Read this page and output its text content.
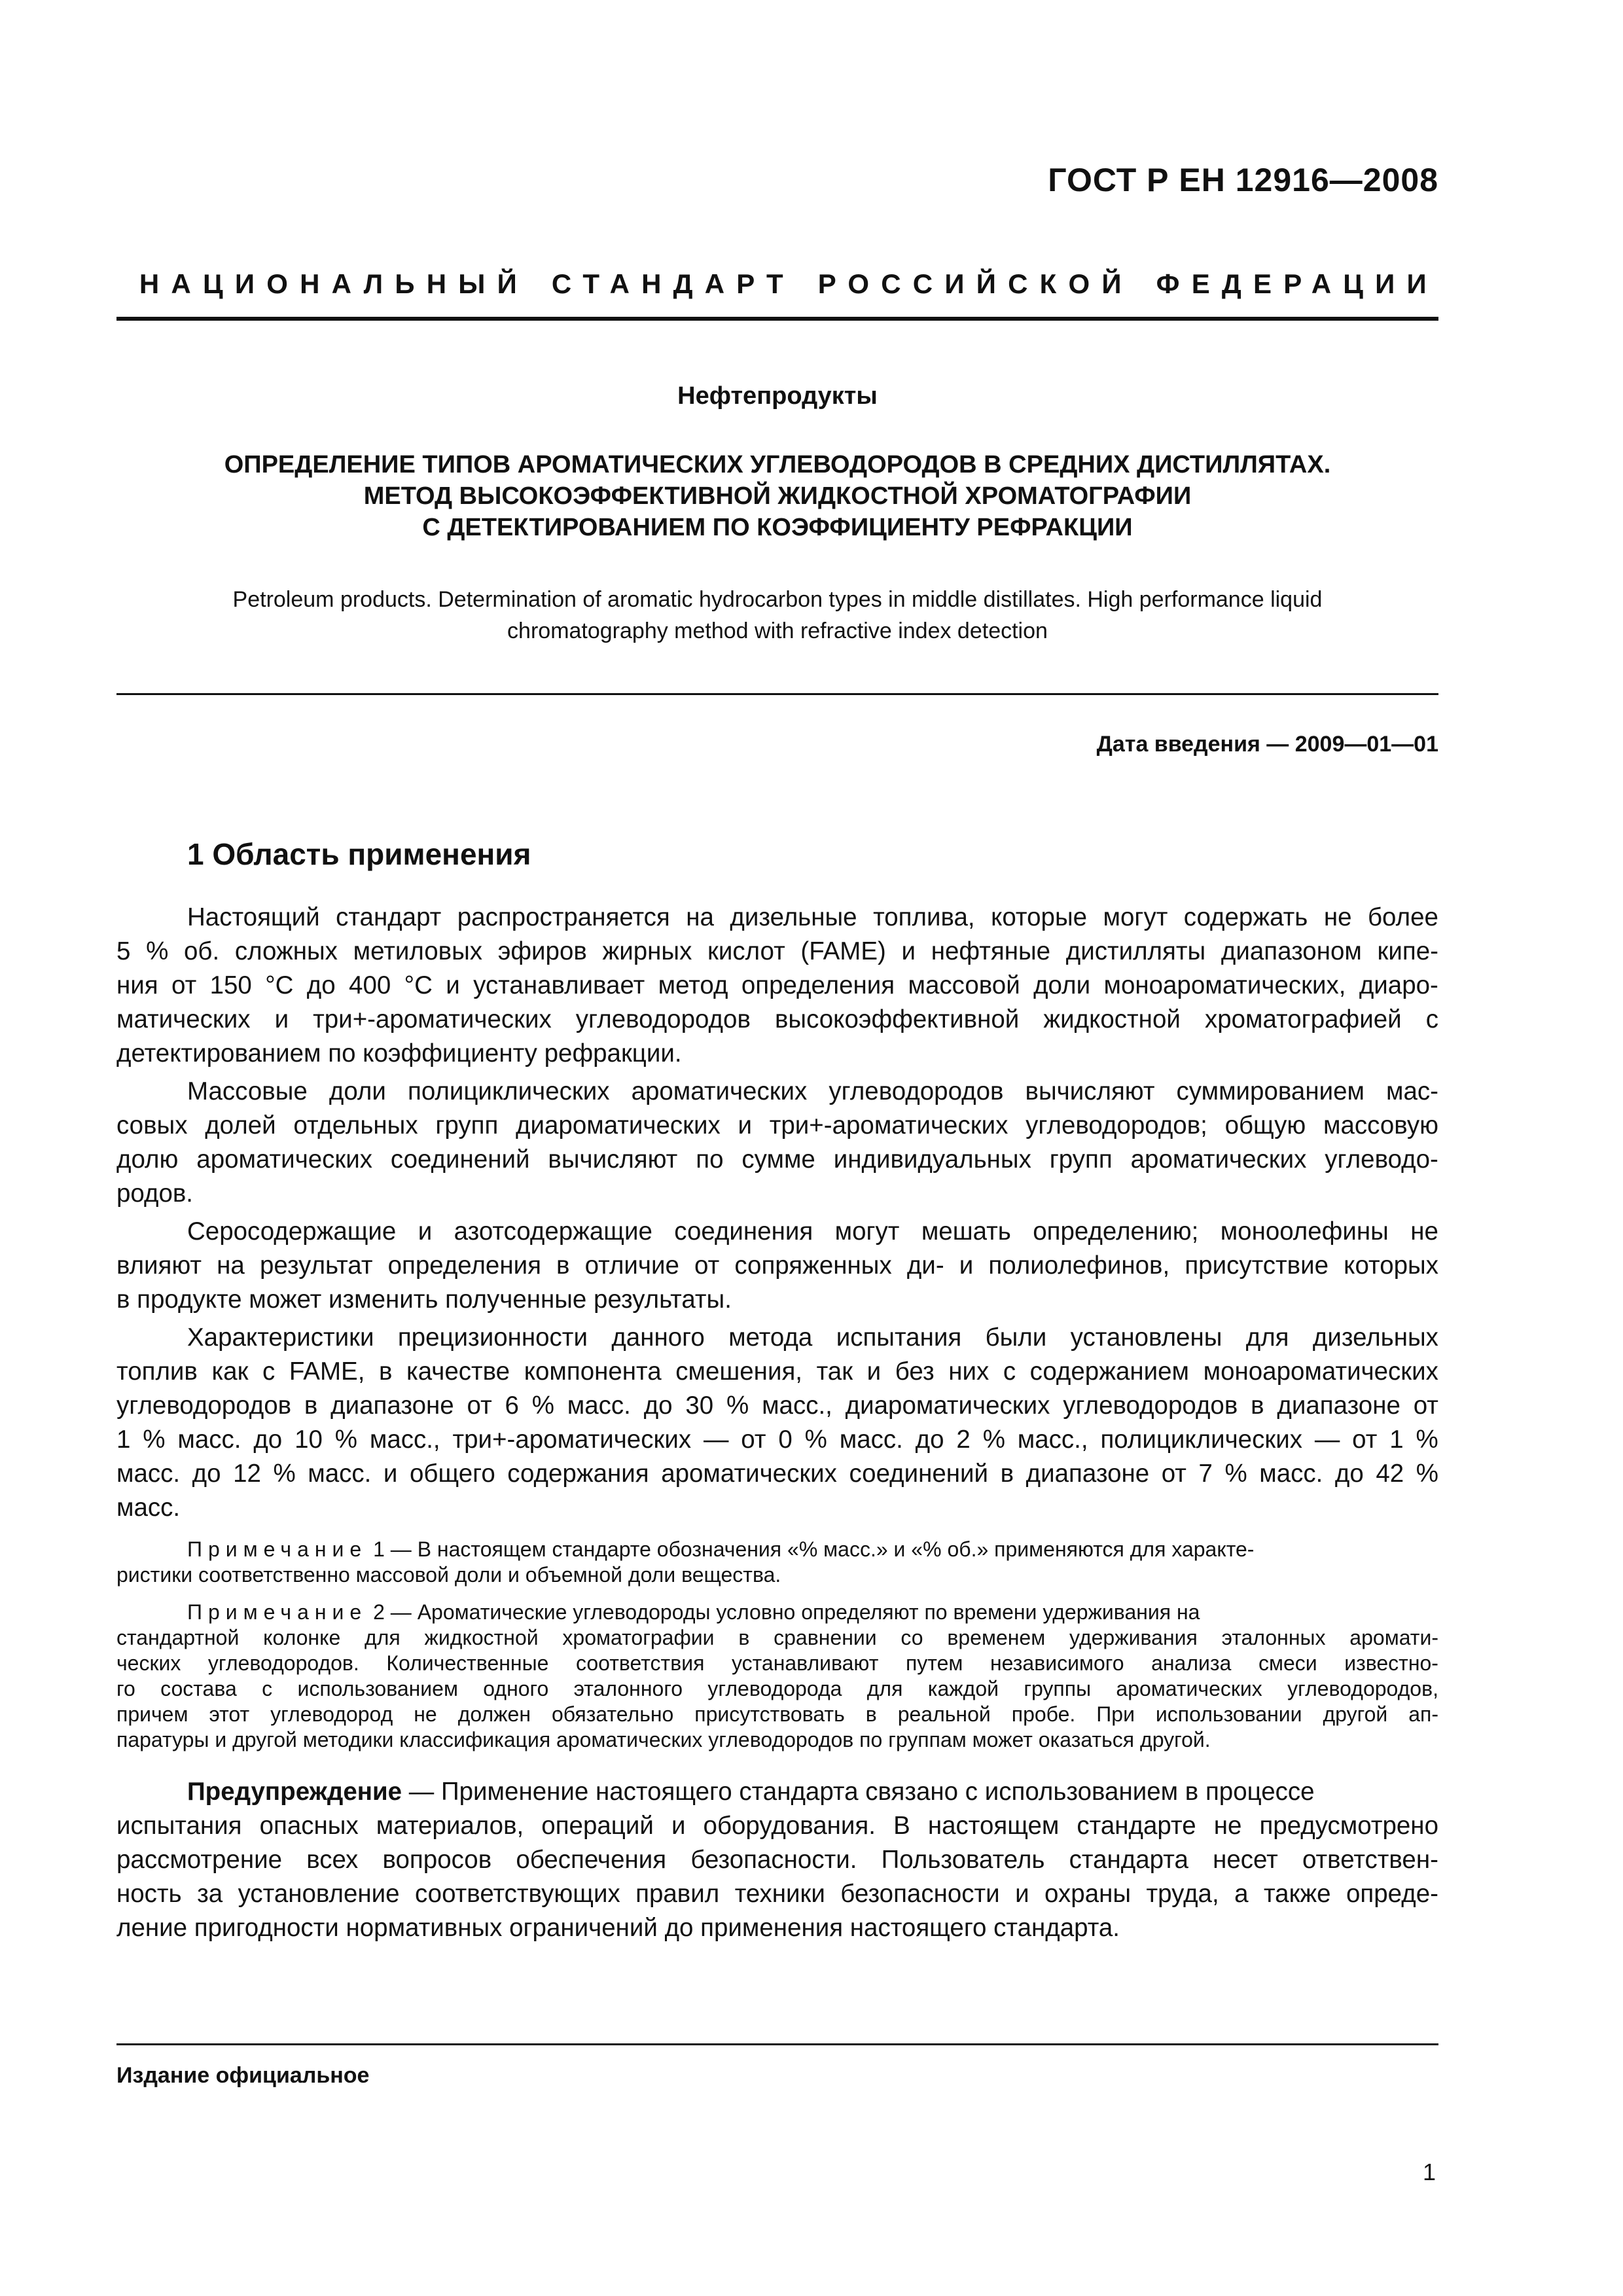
ГОСТ Р ЕН 12916—2008
НАЦИОНАЛЬНЫЙ СТАНДАРТ РОССИЙСКОЙ ФЕДЕРАЦИИ
Нефтепродукты
ОПРЕДЕЛЕНИЕ ТИПОВ АРОМАТИЧЕСКИХ УГЛЕВОДОРОДОВ В СРЕДНИХ ДИСТИЛЛЯТАХ.
МЕТОД ВЫСОКОЭФФЕКТИВНОЙ ЖИДКОСТНОЙ ХРОМАТОГРАФИИ
С ДЕТЕКТИРОВАНИЕМ ПО КОЭФФИЦИЕНТУ РЕФРАКЦИИ
Petroleum products. Determination of aromatic hydrocarbon types in middle distillates. High performance liquid
chromatography method with refractive index detection
Дата введения — 2009—01—01
1 Область применения
Настоящий стандарт распространяется на дизельные топлива, которые могут содержать не более
5 % об. сложных метиловых эфиров жирных кислот (FAME) и нефтяные дистилляты диапазоном кипе-
ния от 150 °С до 400 °С и устанавливает метод определения массовой доли моноароматических, диаро-
матических и три+-ароматических углеводородов высокоэффективной жидкостной хроматографией с
детектированием по коэффициенту рефракции.
Массовые доли полициклических ароматических углеводородов вычисляют суммированием мас-
совых долей отдельных групп диароматических и три+-ароматических углеводородов; общую массовую
долю ароматических соединений вычисляют по сумме индивидуальных групп ароматических углеводо-
родов.
Серосодержащие и азотсодержащие соединения могут мешать определению; моноолефины не
влияют на результат определения в отличие от сопряженных ди- и полиолефинов, присутствие которых
в продукте может изменить полученные результаты.
Характеристики прецизионности данного метода испытания были установлены для дизельных
топлив как с FAME, в качестве компонента смешения, так и без них с содержанием моноароматических
углеводородов в диапазоне от 6 % масс. до 30 % масс., диароматических углеводородов в диапазоне от
1 % масс. до 10 % масс., три+-ароматических — от 0 % масс. до 2 % масс., полициклических — от 1 %
масс. до 12 % масс. и общего содержания ароматических соединений в диапазоне от 7 % масс. до 42 %
масс.
Примечание 1 — В настоящем стандарте обозначения «% масс.» и «% об.» применяются для характе-
ристики соответственно массовой доли и объемной доли вещества.
Примечание 2 — Ароматические углеводороды условно определяют по времени удерживания на
стандартной колонке для жидкостной хроматографии в сравнении со временем удерживания эталонных аромати-
ческих углеводородов. Количественные соответствия устанавливают путем независимого анализа смеси известно-
го состава с использованием одного эталонного углеводорода для каждой группы ароматических углеводородов,
причем этот углеводород не должен обязательно присутствовать в реальной пробе. При использовании другой ап-
паратуры и другой методики классификация ароматических углеводородов по группам может оказаться другой.
Предупреждение — Применение настоящего стандарта связано с использованием в процессе
испытания опасных материалов, операций и оборудования. В настоящем стандарте не предусмотрено
рассмотрение всех вопросов обеспечения безопасности. Пользователь стандарта несет ответствен-
ность за установление соответствующих правил техники безопасности и охраны труда, а также опреде-
ление пригодности нормативных ограничений до применения настоящего стандарта.
Издание официальное
1
